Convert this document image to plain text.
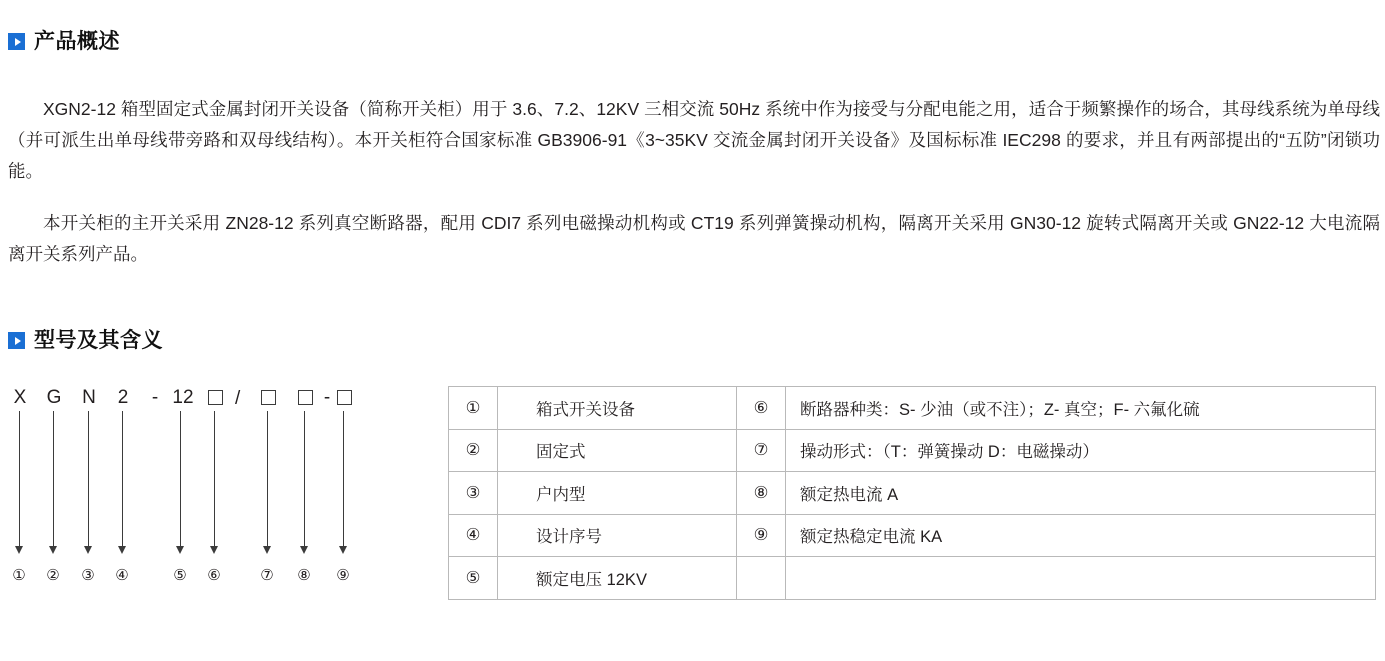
产品概述

XGN2-12 箱型固定式金属封闭开关设备（简称开关柜）用于 3.6、7.2、12KV 三相交流 50Hz 系统中作为接受与分配电能之用，适合于频繁操作的场合，其母线系统为单母线（并可派生出单母线带旁路和双母线结构）。本开关柜符合国家标准 GB3906-91《3~35KV 交流金属封闭开关设备》及国标标准 IEC298 的要求，并且有两部提出的“五防”闭锁功能。

本开关柜的主开关采用 ZN28-12 系列真空断路器，配用 CDI7 系列电磁操动机构或 CT19 系列弹簧操动机构，隔离开关采用 GN30-12 旋转式隔离开关或 GN22-12 大电流隔离开关系列产品。

型号及其含义
X G N 2	- 12 /	-
① ② ③ ④	⑤ ⑥	⑦ ⑧ ⑨
①	箱式开关设备	⑥	断路器种类：S- 少油（或不注）；Z- 真空；F- 六氟化硫
②	固定式	⑦	操动形式：（T：弹簧操动 D：电磁操动）
③	户内型	⑧	额定热电流 A
④	设计序号	⑨	额定热稳定电流 KA
⑤	额定电压 12KV		
